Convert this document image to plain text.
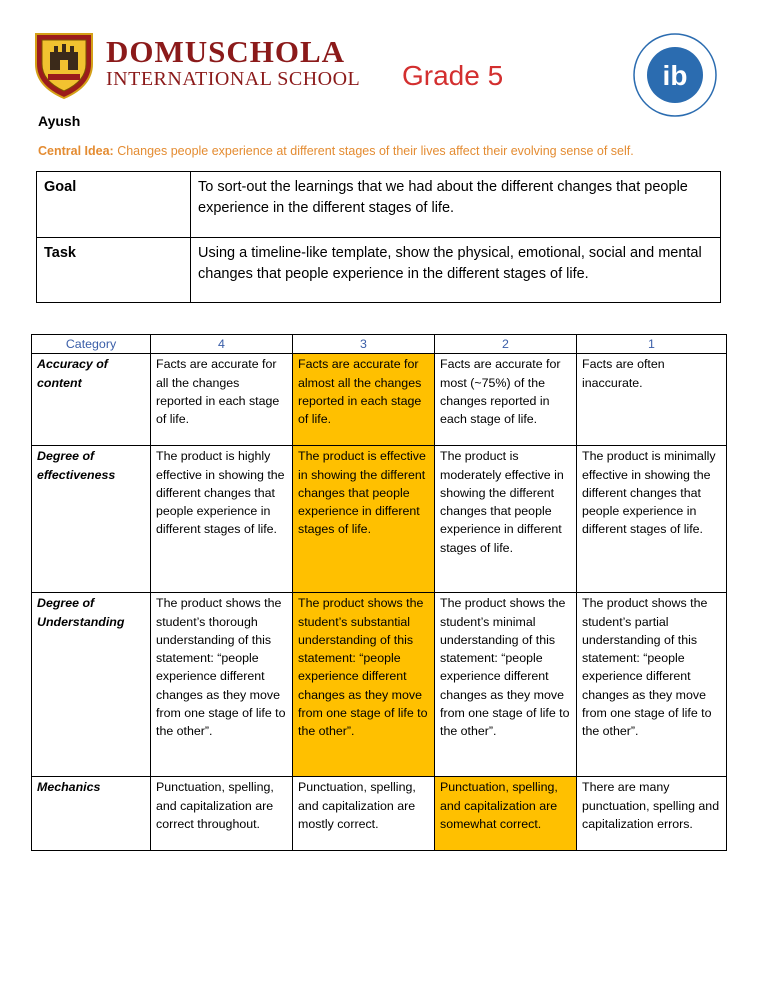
DOMUSCHOLA
INTERNATIONAL SCHOOL Grade 5	ib
Ayush
Central Idea: Changes people experience at different stages of their lives affect their evolving sense of self.
Goal	To sort-out the learnings that we had about the different changes that people experience in the different stages of life.
Task	Using a timeline-like template, show the physical, emotional, social and mental changes that people experience in the different stages of life.
Category	4	3	2	1
Accuracy of content	Facts are accurate for all the changes reported in each stage of life.	Facts are accurate for almost all the changes reported in each stage of life.	Facts are accurate for most (~75%) of the changes reported in each stage of life.	Facts are often inaccurate.
Degree of effectiveness	The product is highly effective in showing the different changes that people experience in different stages of life.	The product is effective in showing the different changes that people experience in different stages of life.	The product is moderately effective in showing the different changes that people experience in different stages of life.	The product is minimally effective in showing the different changes that people experience in different stages of life.
Degree of Understanding	The product shows the student’s thorough understanding of this statement: “people experience different changes as they move from one stage of life to the other”.	The product shows the student’s substantial understanding of this statement: “people experience different changes as they move from one stage of life to the other”.	The product shows the student’s minimal understanding of this statement: “people experience different changes as they move from one stage of life to the other”.	The product shows the student’s partial understanding of this statement: “people experience different changes as they move from one stage of life to the other”.
Mechanics	Punctuation, spelling, and capitalization are correct throughout.	Punctuation, spelling, and capitalization are mostly correct.	Punctuation, spelling, and capitalization are somewhat correct.	There are many punctuation, spelling and capitalization errors.
